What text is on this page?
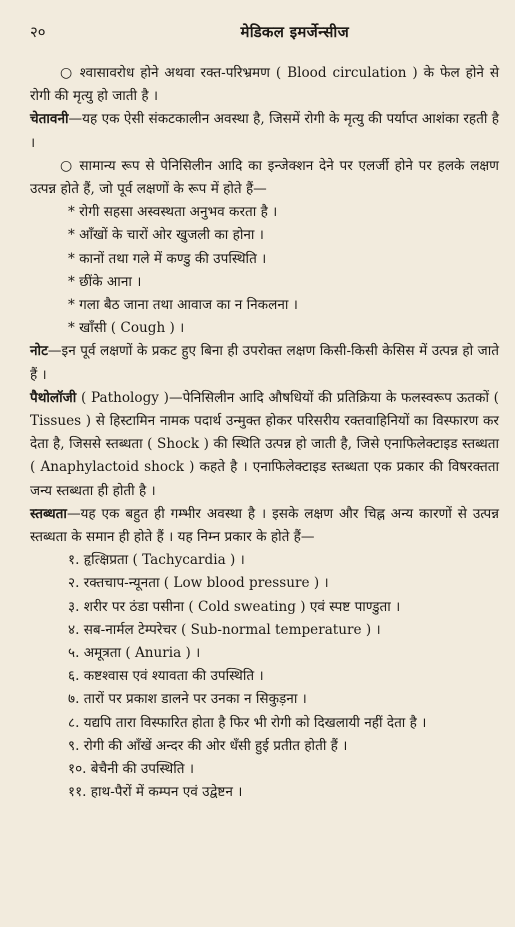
२०	मेडिकल इमर्जेन्सीज

○ श्वासावरोध होने अथवा रक्त-परिभ्रमण ( Blood circulation ) के फेल होने से रोगी की मृत्यु हो जाती है ।

चेतावनी—यह एक ऐसी संकटकालीन अवस्था है, जिसमें रोगी के मृत्यु की पर्याप्त आशंका रहती है ।

○ सामान्य रूप से पेनिसिलीन आदि का इन्जेक्शन देने पर एलर्जी होने पर हलके लक्षण उत्पन्न होते हैं, जो पूर्व लक्षणों के रूप में होते हैं—

* रोगी सहसा अस्वस्थता अनुभव करता है ।
* आँखों के चारों ओर खुजली का होना ।
* कानों तथा गले में कण्डु की उपस्थिति ।
* छींके आना ।
* गला बैठ जाना तथा आवाज का न निकलना ।
* खाँसी ( Cough ) ।

नोट—इन पूर्व लक्षणों के प्रकट हुए बिना ही उपरोक्त लक्षण किसी-किसी केसिस में उत्पन्न हो जाते हैं ।

पैथोलॉजी ( Pathology )—पेनिसिलीन आदि औषधियों की प्रतिक्रिया के फलस्वरूप ऊतकों ( Tissues ) से हिस्टामिन नामक पदार्थ उन्मुक्त होकर परिसरीय रक्तवाहिनियों का विस्फारण कर देता है, जिससे स्तब्धता ( Shock ) की स्थिति उत्पन्न हो जाती है, जिसे एनाफिलेक्टाइड स्तब्धता ( Anaphylactoid shock ) कहते है । एनाफिलेक्टाइड स्तब्धता एक प्रकार की विषरक्तता जन्य स्तब्धता ही होती है ।

स्तब्धता—यह एक बहुत ही गम्भीर अवस्था है । इसके लक्षण और चिह्न अन्य कारणों से उत्पन्न स्तब्धता के समान ही होते हैं । यह निम्न प्रकार के होते हैं—

१. हृत्क्षिप्रता ( Tachycardia ) ।
२. रक्तचाप-न्यूनता ( Low blood pressure ) ।
३. शरीर पर ठंडा पसीना ( Cold sweating ) एवं स्पष्ट पाण्डुता ।
४. सब-नार्मल टेम्परेचर ( Sub-normal temperature ) ।
५. अमूत्रता ( Anuria ) ।
६. कष्टश्वास एवं श्यावता की उपस्थिति ।
७. तारों पर प्रकाश डालने पर उनका न सिकुड़ना ।
८. यद्यपि तारा विस्फारित होता है फिर भी रोगी को दिखलायी नहीं देता है ।
९. रोगी की आँखें अन्दर की ओर धँसी हुई प्रतीत होती हैं ।
१०. बेचैनी की उपस्थिति ।
११. हाथ-पैरों में कम्पन एवं उद्वेष्टन ।
